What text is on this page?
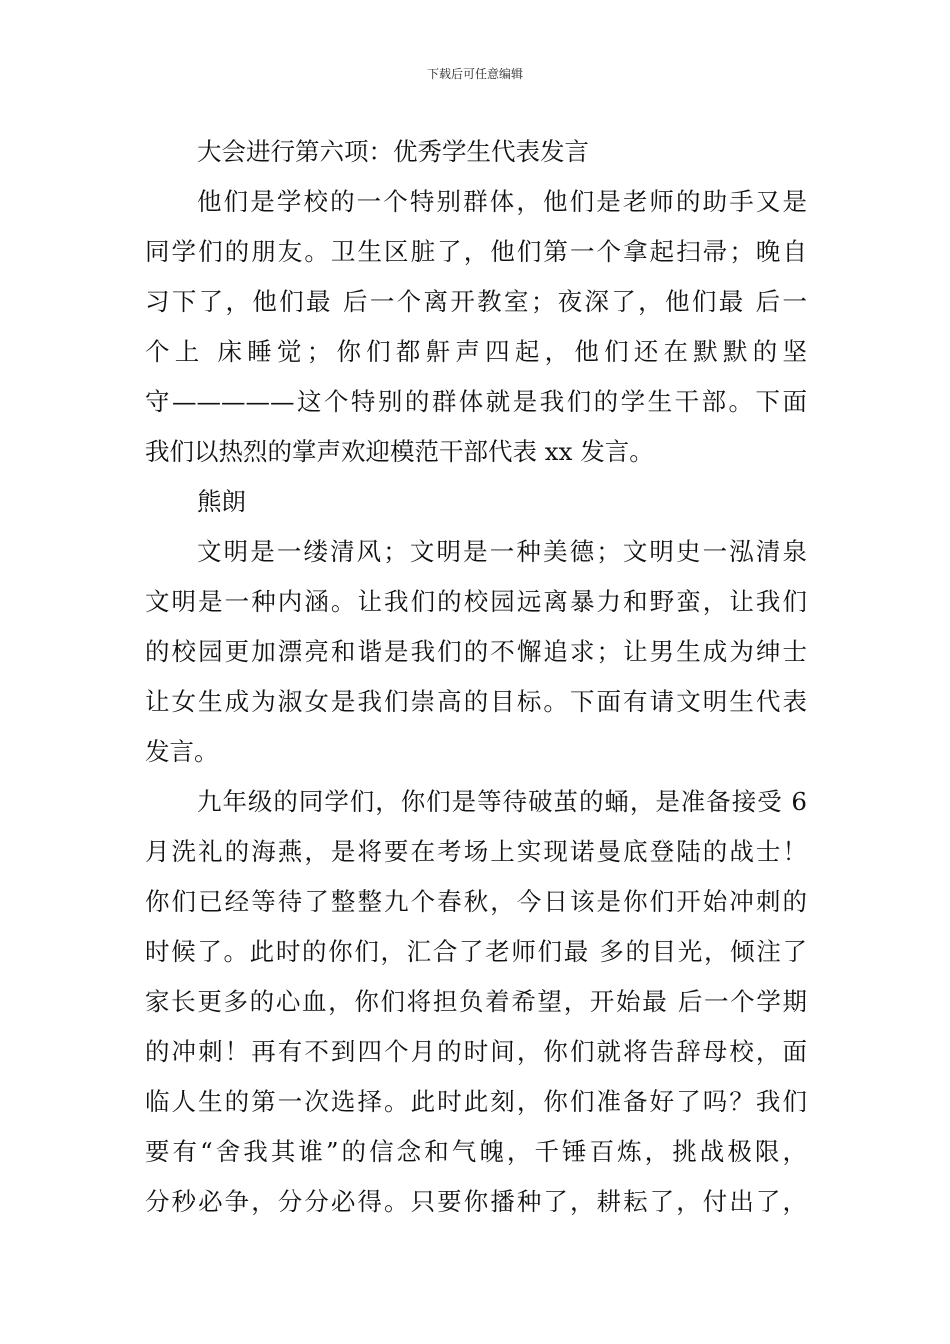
下载后可任意编辑
大会进行第六项：优秀学生代表发言
他们是学校的一个特别群体，他们是老师的助手又是
同学们的朋友。卫生区脏了，他们第一个拿起扫帚；晚自
习下了，他们最 后一个离开教室；夜深了，他们最 后一
个上 床睡觉；你们都鼾声四起，他们还在默默的坚
守—————这个特别的群体就是我们的学生干部。下面
我们以热烈的掌声欢迎模范干部代表 xx 发言。
熊朗
文明是一缕清风；文明是一种美德；文明史一泓清泉
文明是一种内涵。让我们的校园远离暴力和野蛮，让我们
的校园更加漂亮和谐是我们的不懈追求；让男生成为绅士
让女生成为淑女是我们崇高的目标。下面有请文明生代表
发言。
九年级的同学们，你们是等待破茧的蛹，是准备接受 6
月洗礼的海燕，是将要在考场上实现诺曼底登陆的战士！
你们已经等待了整整九个春秋，今日该是你们开始冲刺的
时候了。此时的你们，汇合了老师们最 多的目光，倾注了
家长更多的心血，你们将担负着希望，开始最 后一个学期
的冲刺！再有不到四个月的时间，你们就将告辞母校，面
临人生的第一次选择。此时此刻，你们准备好了吗？我们
要有“舍我其谁”的信念和气魄，千锤百炼，挑战极限，
分秒必争，分分必得。只要你播种了，耕耘了，付出了，
